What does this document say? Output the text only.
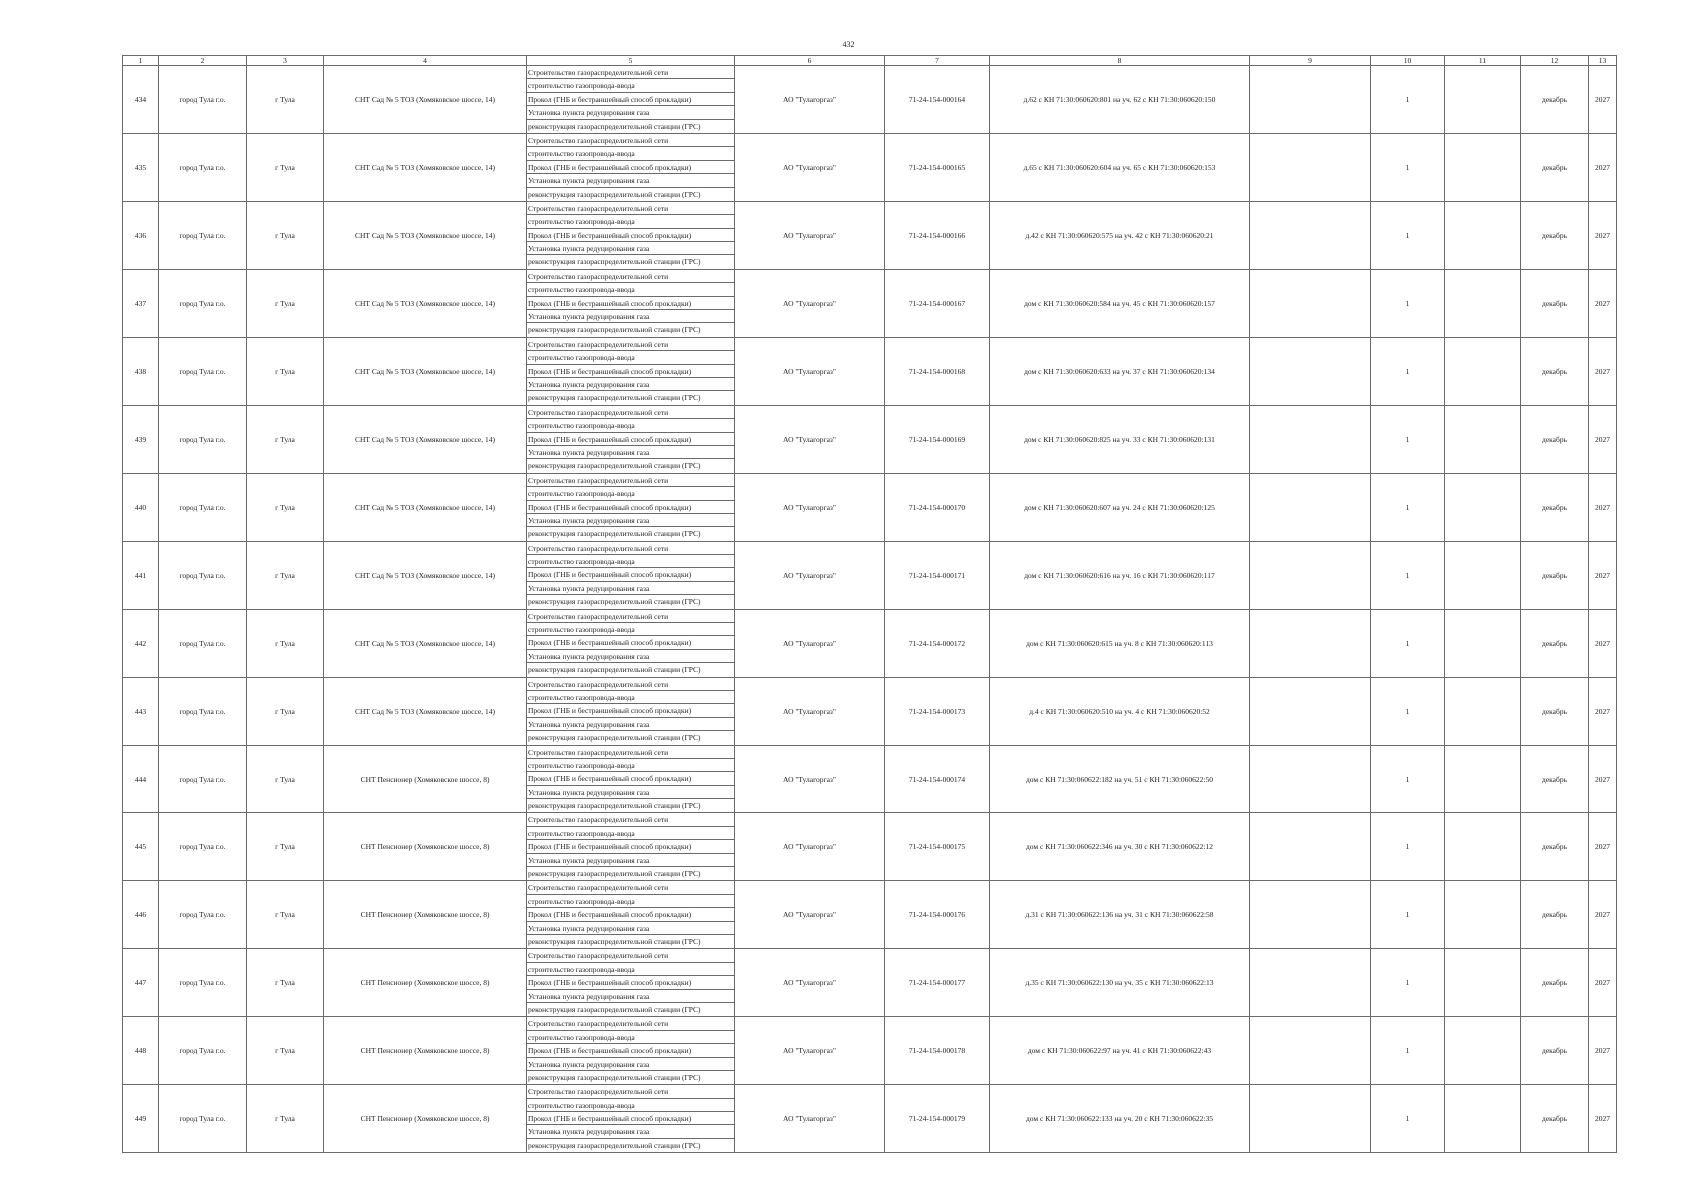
432
1	2	3	4	5	6	7	8	9	10	11	12	13
434	город Тула г.о.	г Тула	СНТ Сад № 5 ТОЗ (Хомяковское шоссе, 14)	Строительство газораспределительной сети
строительство газопровода-ввода
Прокол (ГНБ и бестраншейный способ прокладки)
Установка пункта редуцирования газа
реконструкция газораспределительной станции (ГРС)	АО "Тулагоргаз"	71-24-154-000164	д.62 с КН 71:30:060620:801 на уч. 62 с КН 71:30:060620:150		1		декабрь	2027
435	город Тула г.о.	г Тула	СНТ Сад № 5 ТОЗ (Хомяковское шоссе, 14)	Строительство газораспределительной сети
строительство газопровода-ввода
Прокол (ГНБ и бестраншейный способ прокладки)
Установка пункта редуцирования газа
реконструкция газораспределительной станции (ГРС)	АО "Тулагоргаз"	71-24-154-000165	д.65 с КН 71:30:060620:604 на уч. 65 с КН 71:30:060620:153		1		декабрь	2027
436	город Тула г.о.	г Тула	СНТ Сад № 5 ТОЗ (Хомяковское шоссе, 14)	Строительство газораспределительной сети
строительство газопровода-ввода
Прокол (ГНБ и бестраншейный способ прокладки)
Установка пункта редуцирования газа
реконструкция газораспределительной станции (ГРС)	АО "Тулагоргаз"	71-24-154-000166	д.42 с КН 71:30:060620:575 на уч. 42 с КН 71:30:060620:21		1		декабрь	2027
437	город Тула г.о.	г Тула	СНТ Сад № 5 ТОЗ (Хомяковское шоссе, 14)	Строительство газораспределительной сети
строительство газопровода-ввода
Прокол (ГНБ и бестраншейный способ прокладки)
Установка пункта редуцирования газа
реконструкция газораспределительной станции (ГРС)	АО "Тулагоргаз"	71-24-154-000167	дом с КН 71:30:060620:584 на уч. 45 с КН 71:30:060620:157		1		декабрь	2027
438	город Тула г.о.	г Тула	СНТ Сад № 5 ТОЗ (Хомяковское шоссе, 14)	Строительство газораспределительной сети
строительство газопровода-ввода
Прокол (ГНБ и бестраншейный способ прокладки)
Установка пункта редуцирования газа
реконструкция газораспределительной станции (ГРС)	АО "Тулагоргаз"	71-24-154-000168	дом с КН 71:30:060620:633 на уч. 37 с КН 71:30:060620:134		1		декабрь	2027
439	город Тула г.о.	г Тула	СНТ Сад № 5 ТОЗ (Хомяковское шоссе, 14)	Строительство газораспределительной сети
строительство газопровода-ввода
Прокол (ГНБ и бестраншейный способ прокладки)
Установка пункта редуцирования газа
реконструкция газораспределительной станции (ГРС)	АО "Тулагоргаз"	71-24-154-000169	дом с КН 71:30:060620:825 на уч. 33 с КН 71:30:060620:131		1		декабрь	2027
440	город Тула г.о.	г Тула	СНТ Сад № 5 ТОЗ (Хомяковское шоссе, 14)	Строительство газораспределительной сети
строительство газопровода-ввода
Прокол (ГНБ и бестраншейный способ прокладки)
Установка пункта редуцирования газа
реконструкция газораспределительной станции (ГРС)	АО "Тулагоргаз"	71-24-154-000170	дом с КН 71:30:060620:607 на уч. 24 с КН 71:30:060620:125		1		декабрь	2027
441	город Тула г.о.	г Тула	СНТ Сад № 5 ТОЗ (Хомяковское шоссе, 14)	Строительство газораспределительной сети
строительство газопровода-ввода
Прокол (ГНБ и бестраншейный способ прокладки)
Установка пункта редуцирования газа
реконструкция газораспределительной станции (ГРС)	АО "Тулагоргаз"	71-24-154-000171	дом с КН 71:30:060620:616 на уч. 16 с КН 71:30:060620:117		1		декабрь	2027
442	город Тула г.о.	г Тула	СНТ Сад № 5 ТОЗ (Хомяковское шоссе, 14)	Строительство газораспределительной сети
строительство газопровода-ввода
Прокол (ГНБ и бестраншейный способ прокладки)
Установка пункта редуцирования газа
реконструкция газораспределительной станции (ГРС)	АО "Тулагоргаз"	71-24-154-000172	дом с КН 71:30:060620:615 на уч. 8 с КН 71:30:060620:113		1		декабрь	2027
443	город Тула г.о.	г Тула	СНТ Сад № 5 ТОЗ (Хомяковское шоссе, 14)	Строительство газораспределительной сети
строительство газопровода-ввода
Прокол (ГНБ и бестраншейный способ прокладки)
Установка пункта редуцирования газа
реконструкция газораспределительной станции (ГРС)	АО "Тулагоргаз"	71-24-154-000173	д.4 с КН 71:30:060620:510 на уч. 4 с КН 71:30:060620:52		1		декабрь	2027
444	город Тула г.о.	г Тула	СНТ Пенсионер (Хомяковское шоссе, 8)	Строительство газораспределительной сети
строительство газопровода-ввода
Прокол (ГНБ и бестраншейный способ прокладки)
Установка пункта редуцирования газа
реконструкция газораспределительной станции (ГРС)	АО "Тулагоргаз"	71-24-154-000174	дом с КН 71:30:060622:182 на уч. 51 с КН 71:30:060622:50		1		декабрь	2027
445	город Тула г.о.	г Тула	СНТ Пенсионер (Хомяковское шоссе, 8)	Строительство газораспределительной сети
строительство газопровода-ввода
Прокол (ГНБ и бестраншейный способ прокладки)
Установка пункта редуцирования газа
реконструкция газораспределительной станции (ГРС)	АО "Тулагоргаз"	71-24-154-000175	дом с КН 71:30:060622:346 на уч. 30 с КН 71:30:060622:12		1		декабрь	2027
446	город Тула г.о.	г Тула	СНТ Пенсионер (Хомяковское шоссе, 8)	Строительство газораспределительной сети
строительство газопровода-ввода
Прокол (ГНБ и бестраншейный способ прокладки)
Установка пункта редуцирования газа
реконструкция газораспределительной станции (ГРС)	АО "Тулагоргаз"	71-24-154-000176	д.31 с КН 71:30:060622:136 на уч. 31 с КН 71:30:060622:58		1		декабрь	2027
447	город Тула г.о.	г Тула	СНТ Пенсионер (Хомяковское шоссе, 8)	Строительство газораспределительной сети
строительство газопровода-ввода
Прокол (ГНБ и бестраншейный способ прокладки)
Установка пункта редуцирования газа
реконструкция газораспределительной станции (ГРС)	АО "Тулагоргаз"	71-24-154-000177	д.35 с КН 71:30:060622:130 на уч. 35 с КН 71:30:060622:13		1		декабрь	2027
448	город Тула г.о.	г Тула	СНТ Пенсионер (Хомяковское шоссе, 8)	Строительство газораспределительной сети
строительство газопровода-ввода
Прокол (ГНБ и бестраншейный способ прокладки)
Установка пункта редуцирования газа
реконструкция газораспределительной станции (ГРС)	АО "Тулагоргаз"	71-24-154-000178	дом с КН 71:30:060622:97 на уч. 41 с КН 71:30:060622:43		1		декабрь	2027
449	город Тула г.о.	г Тула	СНТ Пенсионер (Хомяковское шоссе, 8)	Строительство газораспределительной сети
строительство газопровода-ввода
Прокол (ГНБ и бестраншейный способ прокладки)
Установка пункта редуцирования газа
реконструкция газораспределительной станции (ГРС)	АО "Тулагоргаз"	71-24-154-000179	дом с КН 71:30:060622:133 на уч. 20 с КН 71:30:060622:35		1		декабрь	2027
